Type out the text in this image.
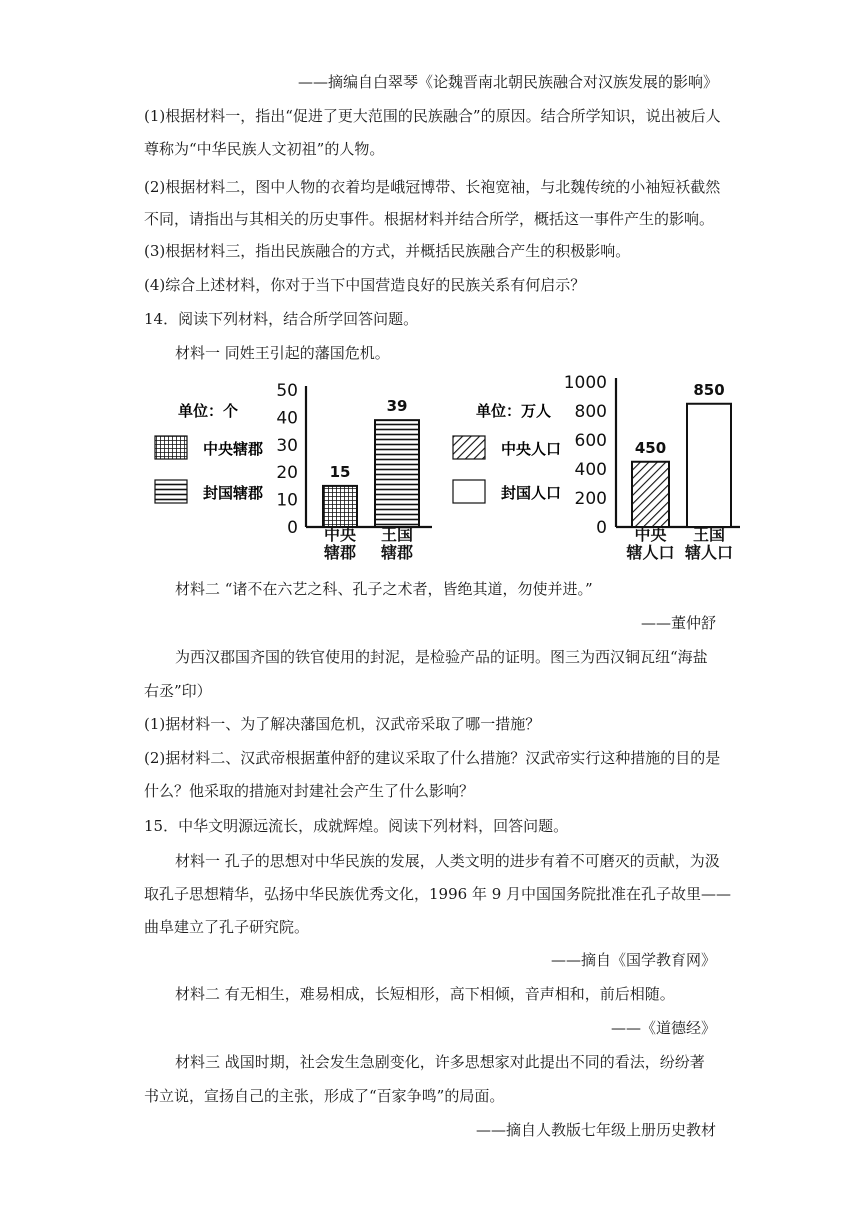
——摘编自白翠琴《论魏晋南北朝民族融合对汉族发展的影响》
(1)根据材料一，指出“促进了更大范围的民族融合”的原因。结合所学知识，说出被后人
尊称为“中华民族人文初祖”的人物。
(2)根据材料二，图中人物的衣着均是峨冠博带、长袍宽袖，与北魏传统的小袖短袄截然
不同，请指出与其相关的历史事件。根据材料并结合所学，概括这一事件产生的影响。
(3)根据材料三，指出民族融合的方式，并概括民族融合产生的积极影响。
(4)综合上述材料，你对于当下中国营造良好的民族关系有何启示？
14．阅读下列材料，结合所学回答问题。
材料一 同姓王引起的藩国危机。
单位：个
中央辖郡
封国辖郡
0
10
20
30
40
50
15
中央
辖郡
39
王国
辖郡
单位：万人
中央人口
封国人口
0
200
400
600
800
1000
450
中央
辖人口
850
王国
辖人口
材料二 “诸不在六艺之科、孔子之术者，皆绝其道，勿使并进。”
——董仲舒
为西汉郡国齐国的铁官使用的封泥，是检验产品的证明。图三为西汉铜瓦纽“海盐
右丞”印）
(1)据材料一、为了解决藩国危机，汉武帝采取了哪一措施？
(2)据材料二、汉武帝根据董仲舒的建议采取了什么措施？汉武帝实行这种措施的目的是
什么？他采取的措施对封建社会产生了什么影响？
15．中华文明源远流长，成就辉煌。阅读下列材料，回答问题。
材料一 孔子的思想对中华民族的发展，人类文明的进步有着不可磨灭的贡献，为汲
取孔子思想精华，弘扬中华民族优秀文化，1996 年 9 月中国国务院批准在孔子故里——
曲阜建立了孔子研究院。
——摘自《国学教育网》
材料二 有无相生，难易相成，长短相形，高下相倾，音声相和，前后相随。
——《道德经》
材料三 战国时期，社会发生急剧变化，许多思想家对此提出不同的看法，纷纷著
书立说，宣扬自己的主张，形成了“百家争鸣”的局面。
——摘自人教版七年级上册历史教材
